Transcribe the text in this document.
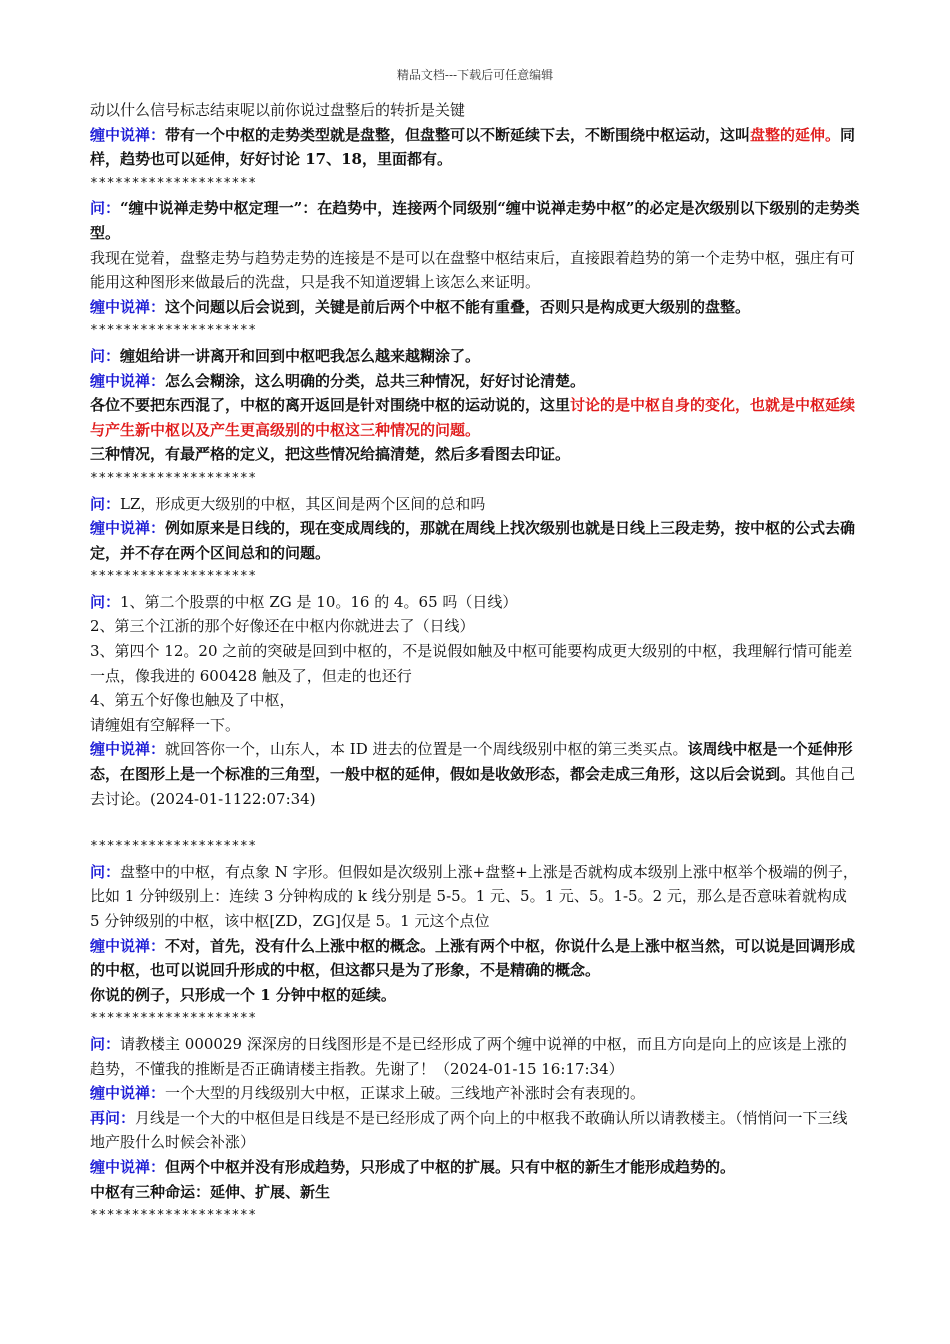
精品文档---下载后可任意编辑

动以什么信号标志结束呢以前你说过盘整后的转折是关键

缠中说禅：带有一个中枢的走势类型就是盘整，但盘整可以不断延续下去，不断围绕中枢运动，这叫盘整的延伸。同样，趋势也可以延伸，好好讨论 17、18，里面都有。

********************

问：“缠中说禅走势中枢定理一”：在趋势中，连接两个同级别“缠中说禅走势中枢”的必定是次级别以下级别的走势类型。

我现在觉着，盘整走势与趋势走势的连接是不是可以在盘整中枢结束后，直接跟着趋势的第一个走势中枢，强庄有可能用这种图形来做最后的洗盘，只是我不知道逻辑上该怎么来证明。

缠中说禅：这个问题以后会说到，关键是前后两个中枢不能有重叠，否则只是构成更大级别的盘整。

********************

问：缠姐给讲一讲离开和回到中枢吧我怎么越来越糊涂了。

缠中说禅：怎么会糊涂，这么明确的分类，总共三种情况，好好讨论清楚。

各位不要把东西混了，中枢的离开返回是针对围绕中枢的运动说的，这里讨论的是中枢自身的变化，也就是中枢延续与产生新中枢以及产生更高级别的中枢这三种情况的问题。

三种情况，有最严格的定义，把这些情况给搞清楚，然后多看图去印证。

********************

问：LZ，形成更大级别的中枢，其区间是两个区间的总和吗

缠中说禅：例如原来是日线的，现在变成周线的，那就在周线上找次级别也就是日线上三段走势，按中枢的公式去确定，并不存在两个区间总和的问题。

********************

问：1、第二个股票的中枢 ZG 是 10。16 的 4。65 吗（日线）

2、第三个江浙的那个好像还在中枢内你就进去了（日线）

3、第四个 12。20 之前的突破是回到中枢的，不是说假如触及中枢可能要构成更大级别的中枢，我理解行情可能差一点，像我进的 600428 触及了，但走的也还行

4、第五个好像也触及了中枢，

请缠姐有空解释一下。

缠中说禅：就回答你一个，山东人，本 ID 进去的位置是一个周线级别中枢的第三类买点。该周线中枢是一个延伸形态，在图形上是一个标准的三角型，一般中枢的延伸，假如是收敛形态，都会走成三角形，这以后会说到。其他自己去讨论。(2024-01-1122:07:34)

********************

问：盘整中的中枢，有点象 N 字形。但假如是次级别上涨+盘整+上涨是否就构成本级别上涨中枢举个极端的例子，比如 1 分钟级别上：连续 3 分钟构成的 k 线分别是 5-5。1 元、5。1 元、5。1-5。2 元，那么是否意味着就构成 5 分钟级别的中枢，该中枢[ZD，ZG]仅是 5。1 元这个点位

缠中说禅：不对，首先，没有什么上涨中枢的概念。上涨有两个中枢，你说什么是上涨中枢当然，可以说是回调形成的中枢，也可以说回升形成的中枢，但这都只是为了形象，不是精确的概念。

你说的例子，只形成一个 1 分钟中枢的延续。

********************

问：请教楼主 000029 深深房的日线图形是不是已经形成了两个缠中说禅的中枢，而且方向是向上的应该是上涨的趋势，不懂我的推断是否正确请楼主指教。先谢了！（2024-01-15 16:17:34）

缠中说禅：一个大型的月线级别大中枢，正谋求上破。三线地产补涨时会有表现的。

再问：月线是一个大的中枢但是日线是不是已经形成了两个向上的中枢我不敢确认所以请教楼主。（悄悄问一下三线地产股什么时候会补涨）

缠中说禅：但两个中枢并没有形成趋势，只形成了中枢的扩展。只有中枢的新生才能形成趋势的。

中枢有三种命运：延伸、扩展、新生

********************
